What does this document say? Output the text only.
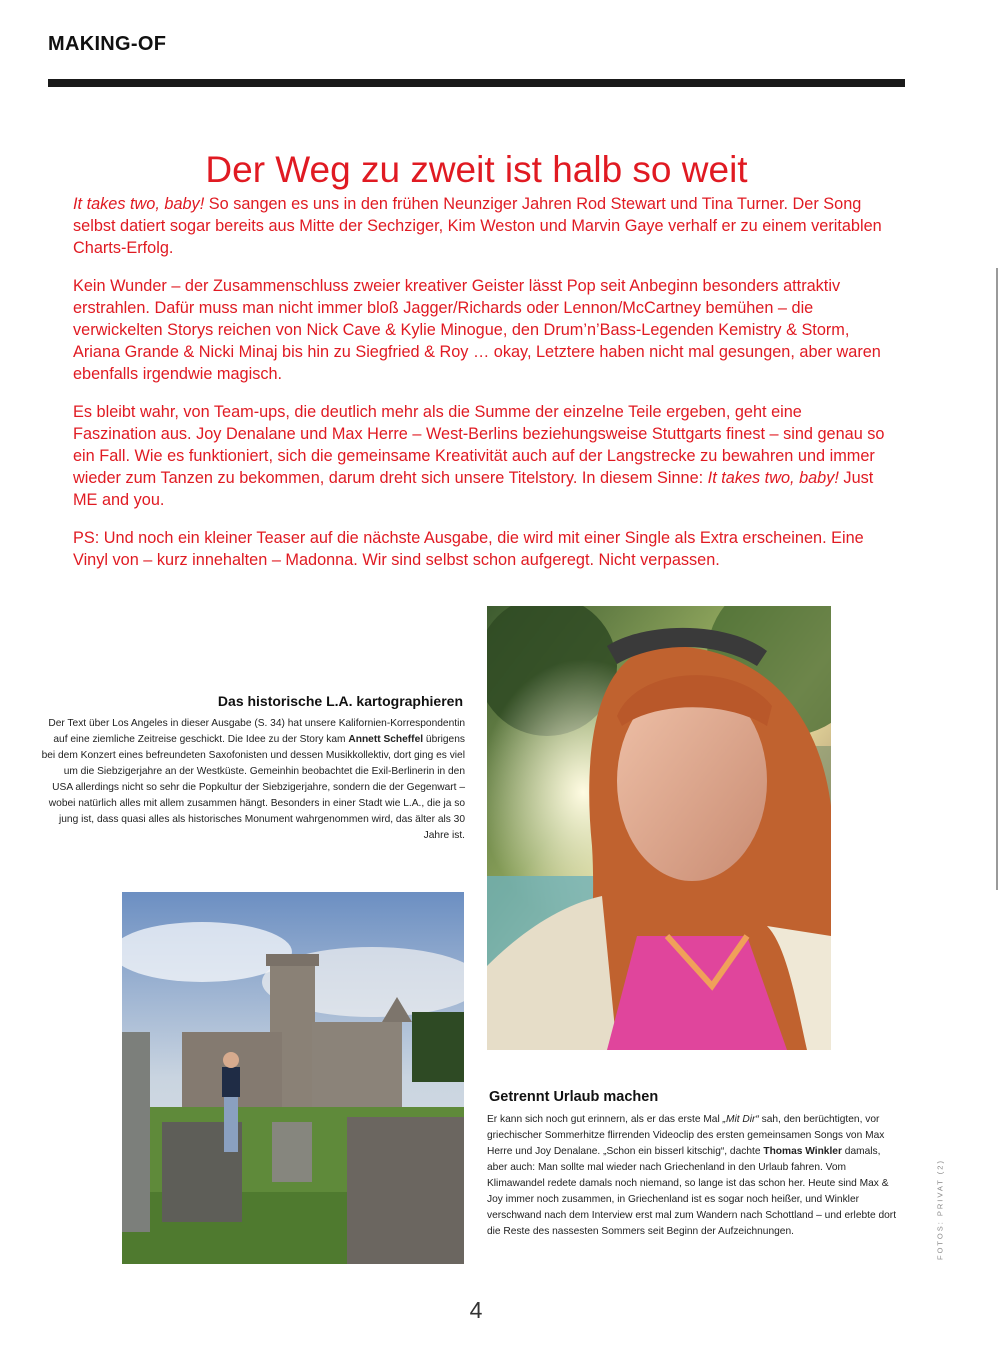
MAKING-OF
Der Weg zu zweit ist halb so weit

It takes two, baby! So sangen es uns in den frühen Neunziger Jahren Rod Stewart und Tina Turner. Der Song selbst datiert sogar bereits aus Mitte der Sechziger, Kim Weston und Marvin Gaye verhalf er zu einem veritablen Charts-Erfolg.

Kein Wunder – der Zusammenschluss zweier kreativer Geister lässt Pop seit Anbeginn besonders attraktiv erstrahlen. Dafür muss man nicht immer bloß Jagger/Richards oder Lennon/McCartney bemühen – die verwickelten Storys reichen von Nick Cave & Kylie Minogue, den Drum’n’Bass-Legenden Kemistry & Storm, Ariana Grande & Nicki Minaj bis hin zu Siegfried & Roy … okay, Letztere haben nicht mal gesungen, aber waren ebenfalls irgendwie magisch.

Es bleibt wahr, von Team-ups, die deutlich mehr als die Summe der einzelne Teile ergeben, geht eine Faszination aus. Joy Denalane und Max Herre – West-Berlins beziehungsweise Stuttgarts finest – sind genau so ein Fall. Wie es funktioniert, sich die gemeinsame Kreativität auch auf der Langstrecke zu bewahren und immer wieder zum Tanzen zu bekommen, darum dreht sich unsere Titelstory. In diesem Sinne: It takes two, baby! Just ME and you.

PS: Und noch ein kleiner Teaser auf die nächste Ausgabe, die wird mit einer Single als Extra erscheinen. Eine Vinyl von – kurz innehalten – Madonna. Wir sind selbst schon aufgeregt. Nicht verpassen.

Das historische L.A. kartographieren
Der Text über Los Angeles in dieser Ausgabe (S. 34) hat unsere Kalifornien-Korrespondentin auf eine ziemliche Zeitreise geschickt. Die Idee zu der Story kam Annett Scheffel übrigens bei dem Konzert eines befreundeten Saxofonisten und dessen Musikkollektiv, dort ging es viel um die Siebzigerjahre an der Westküste. Gemeinhin beobachtet die Exil-Berlinerin in den USA allerdings nicht so sehr die Popkultur der Siebzigerjahre, sondern die der Gegenwart – wobei natürlich alles mit allem zusammen hängt. Besonders in einer Stadt wie L.A., die ja so jung ist, dass quasi alles als historisches Monument wahrgenommen wird, das älter als 30 Jahre ist.
Getrennt Urlaub machen
Er kann sich noch gut erinnern, als er das erste Mal „Mit Dir“ sah, den berüchtigten, vor griechischer Sommerhitze flirrenden Videoclip des ersten gemeinsamen Songs von Max Herre und Joy Denalane. „Schon ein bisserl kitschig“, dachte Thomas Winkler damals, aber auch: Man sollte mal wieder nach Griechenland in den Urlaub fahren. Vom Klimawandel redete damals noch niemand, so lange ist das schon her. Heute sind Max & Joy immer noch zusammen, in Griechenland ist es sogar noch heißer, und Winkler verschwand nach dem Interview erst mal zum Wandern nach Schottland – und erlebte dort die Reste des nassesten Sommers seit Beginn der Aufzeichnungen.	FOTOS: PRIVAT (2)
4
